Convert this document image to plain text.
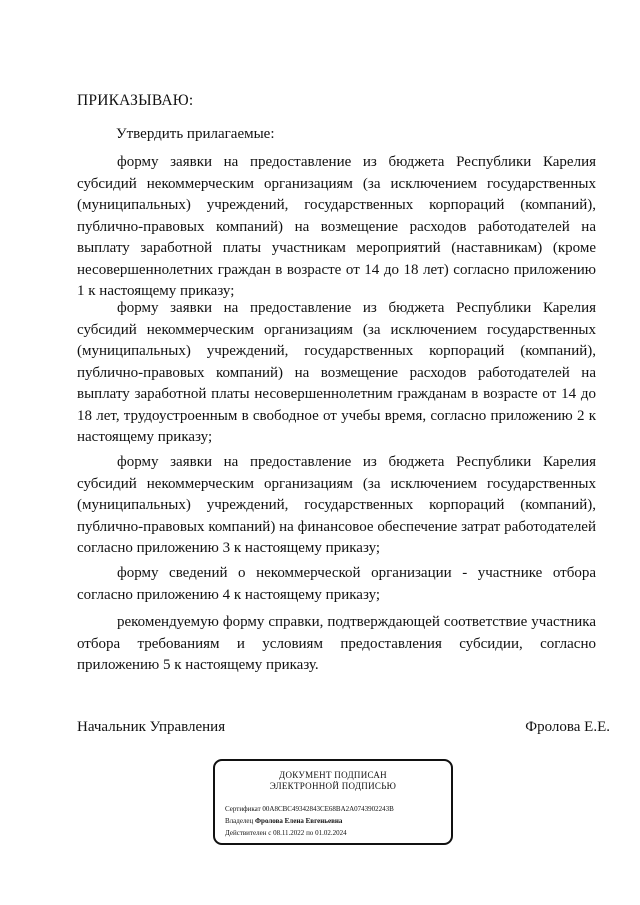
ПРИКАЗЫВАЮ:
Утвердить прилагаемые:

форму заявки на предоставление из бюджета Республики Карелия субсидий некоммерческим организациям (за исключением государственных (муниципальных) учреждений, государственных корпораций (компаний), публично-правовых компаний) на возмещение расходов работодателей на выплату заработной платы участникам мероприятий (наставникам) (кроме несовершеннолетних граждан в возрасте от 14 до 18 лет) согласно приложению 1 к настоящему приказу;

форму заявки на предоставление из бюджета Республики Карелия субсидий некоммерческим организациям (за исключением государственных (муниципальных) учреждений, государственных корпораций (компаний), публично-правовых компаний) на возмещение расходов работодателей на выплату заработной платы несовершеннолетним гражданам в возрасте от 14 до 18 лет, трудоустроенным в свободное от учебы время, согласно приложению 2 к настоящему приказу;

форму заявки на предоставление из бюджета Республики Карелия субсидий некоммерческим организациям (за исключением государственных (муниципальных) учреждений, государственных корпораций (компаний), публично-правовых компаний) на финансовое обеспечение затрат работодателей согласно приложению 3 к настоящему приказу;

форму сведений о некоммерческой организации - участнике отбора согласно приложению 4 к настоящему приказу;

рекомендуемую форму справки, подтверждающей соответствие участника отбора требованиям и условиям предоставления субсидии, согласно приложению 5 к настоящему приказу.

Начальник Управления	Фролова Е.Е.
ДОКУМЕНТ ПОДПИСАН
ЭЛЕКТРОННОЙ ПОДПИСЬЮ
Сертификат 00A8CBC49342843CE68BA2A0743902243B
Владелец Фролова Елена Евгеньевна
Действителен с 08.11.2022 по 01.02.2024
